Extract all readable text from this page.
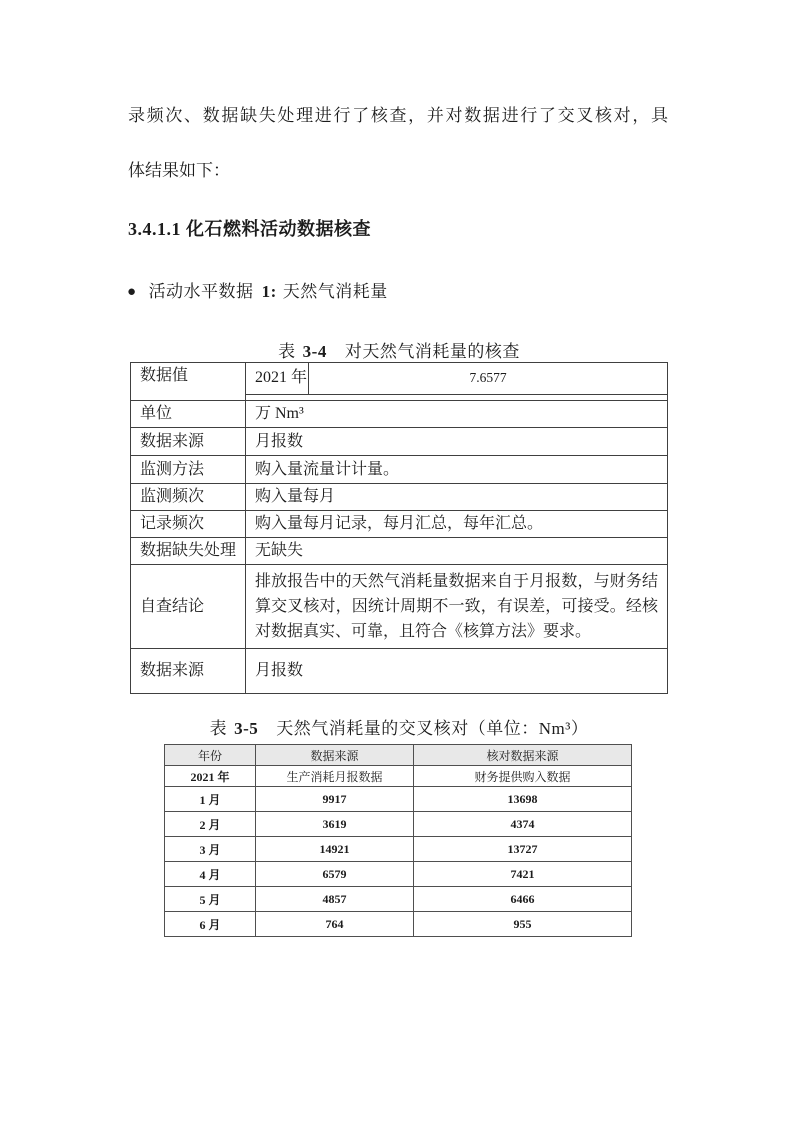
录频次、数据缺失处理进行了核查，并对数据进行了交叉核对，具
体结果如下：
3.4.1.1 化石燃料活动数据核查
● 活动水平数据 1: 天然气消耗量
表 3-4 对天然气消耗量的核查
数据值	2021 年 7.6577

单位	万 Nm³
数据来源	月报数
监测方法	购入量流量计计量。
监测频次	购入量每月
记录频次	购入量每月记录，每月汇总，每年汇总。
数据缺失处理	无缺失
自查结论	排放报告中的天然气消耗量数据来自于月报数，与财务结算交叉核对，因统计周期不一致，有误差，可接受。经核对数据真实、可靠，且符合《核算方法》要求。
数据来源	月报数
表 3-5 天然气消耗量的交叉核对（单位：Nm³）
年份	数据来源	核对数据来源
2021 年	生产消耗月报数据	财务提供购入数据
1 月	9917	13698
2 月	3619	4374
3 月	14921	13727
4 月	6579	7421
5 月	4857	6466
6 月	764	955
